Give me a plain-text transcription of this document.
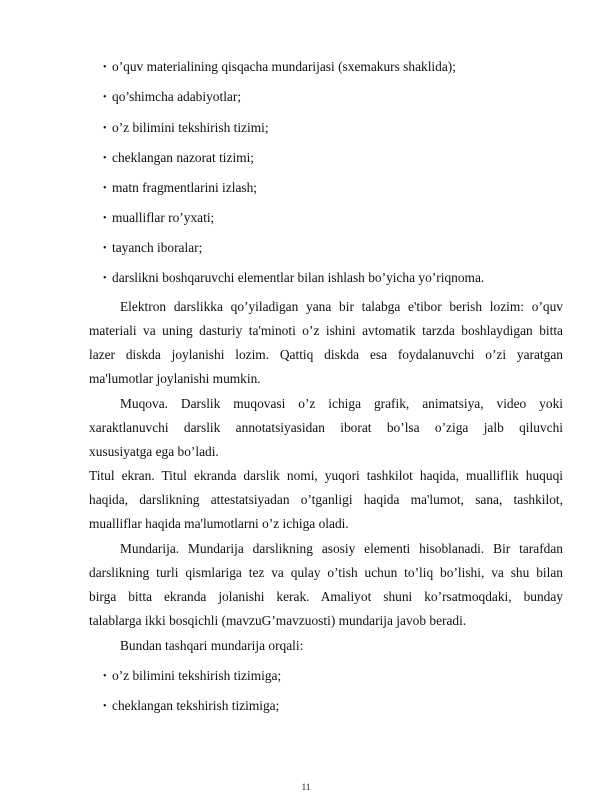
• o’quv materialining qisqacha mundarijasi (sxemakurs shaklida);
• qo’shimcha adabiyotlar;
• o’z bilimini tekshirish tizimi;
• cheklangan nazorat tizimi;
• matn fragmentlarini izlash;
• mualliflar ro’yxati;
• tayanch iboralar;
• darslikni boshqaruvchi elementlar bilan ishlash bo’yicha yo’riqnoma.
Elektron darslikka qo’yiladigan yana bir talabga e'tibor berish lozim: o’quv
materiali va uning dasturiy ta'minoti o’z ishini avtomatik tarzda boshlaydigan bitta
lazer diskda joylanishi lozim. Qattiq diskda esa foydalanuvchi o’zi yaratgan
ma'lumotlar joylanishi mumkin.
Muqova. Darslik muqovasi o’z ichiga grafik, animatsiya, video yoki
xaraktlanuvchi darslik annotatsiyasidan iborat bo’lsa o’ziga jalb qiluvchi
xususiyatga ega bo’ladi.
Titul ekran. Titul ekranda darslik nomi, yuqori tashkilot haqida, mualliflik huquqi
haqida, darslikning attestatsiyadan o’tganligi haqida ma'lumot, sana, tashkilot,
mualliflar haqida ma'lumotlarni o’z ichiga oladi.
Mundarija. Mundarija darslikning asosiy elementi hisoblanadi. Bir tarafdan
darslikning turli qismlariga tez va qulay o’tish uchun to’liq bo’lishi, va shu bilan
birga bitta ekranda jolanishi kerak. Amaliyot shuni ko’rsatmoqdaki, bunday
talablarga ikki bosqichli (mavzuG’mavzuosti) mundarija javob beradi.
Bundan tashqari mundarija orqali:
• o’z bilimini tekshirish tizimiga;
• cheklangan tekshirish tizimiga;
11
